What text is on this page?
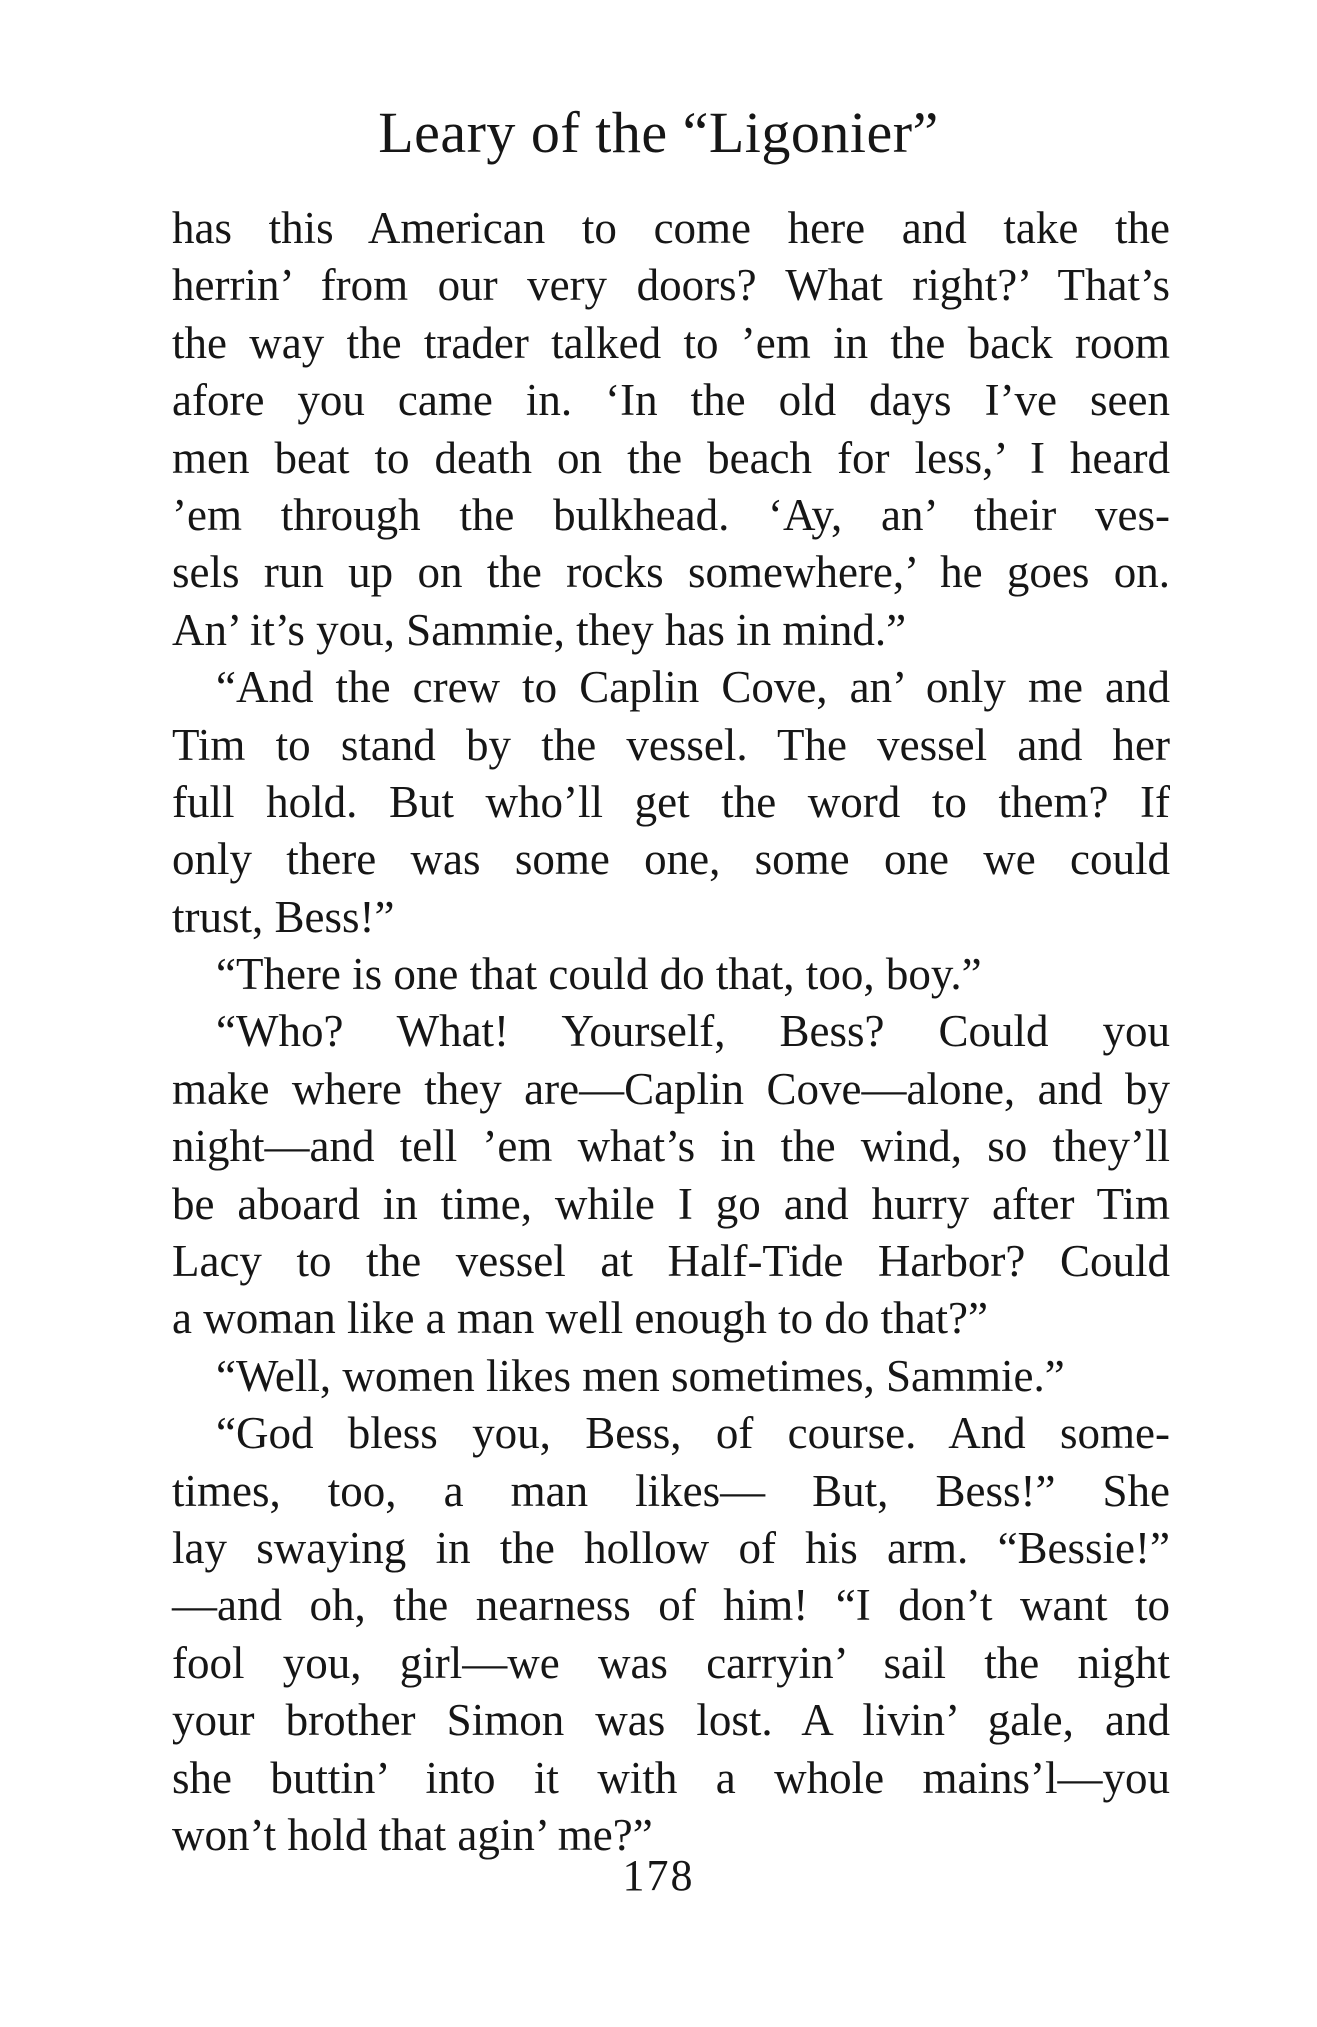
Leary of the “Ligonier”
has this American to come here and take the
herrin’ from our very doors? What right?’ That’s
the way the trader talked to ’em in the back room
afore you came in. ‘In the old days I’ve seen
men beat to death on the beach for less,’ I heard
’em through the bulkhead. ‘Ay, an’ their ves-
sels run up on the rocks somewhere,’ he goes on.
An’ it’s you, Sammie, they has in mind.”
“And the crew to Caplin Cove, an’ only me and
Tim to stand by the vessel. The vessel and her
full hold. But who’ll get the word to them? If
only there was some one, some one we could
trust, Bess!”
“There is one that could do that, too, boy.”
“Who? What! Yourself, Bess? Could you
make where they are—Caplin Cove—alone, and by
night—and tell ’em what’s in the wind, so they’ll
be aboard in time, while I go and hurry after Tim
Lacy to the vessel at Half-Tide Harbor? Could
a woman like a man well enough to do that?”
“Well, women likes men sometimes, Sammie.”
“God bless you, Bess, of course. And some-
times, too, a man likes— But, Bess!” She
lay swaying in the hollow of his arm. “Bessie!”
—and oh, the nearness of him! “I don’t want to
fool you, girl—we was carryin’ sail the night
your brother Simon was lost. A livin’ gale, and
she buttin’ into it with a whole mains’l—you
won’t hold that agin’ me?”
178
